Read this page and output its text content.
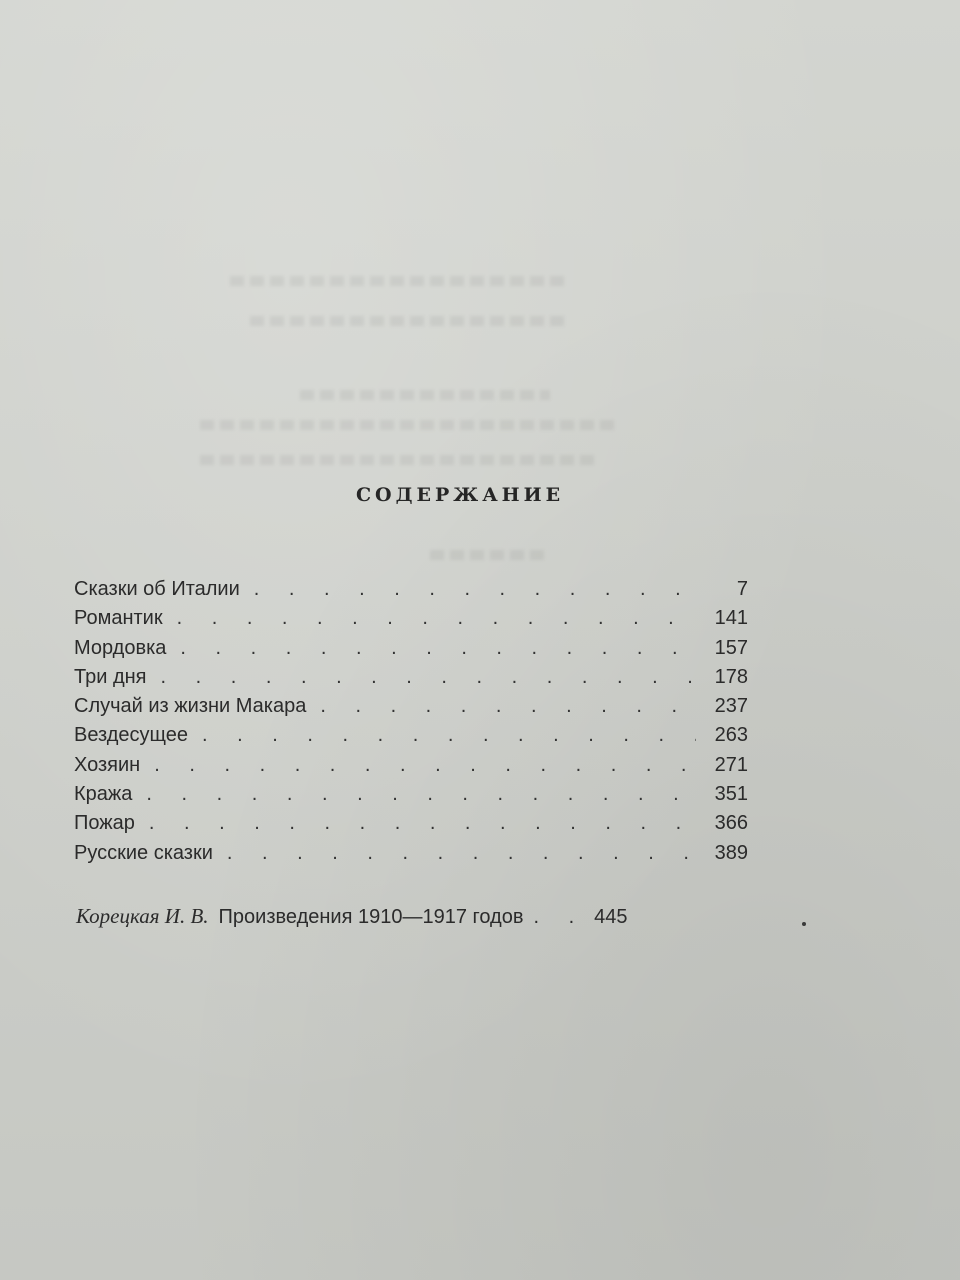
СОДЕРЖАНИЕ
Сказки об Италии . . .	7
Романтик . . .	141
Мордовка . . .	157
Три дня . . .	178
Случай из жизни Макара . . .	237
Вездесущее . . .	263
Хозяин . . .	271
Кража . . .	351
Пожар . . .	366
Русские сказки . . .	389
Корецкая И. В. Произведения 1910—1917 годов . .	445
